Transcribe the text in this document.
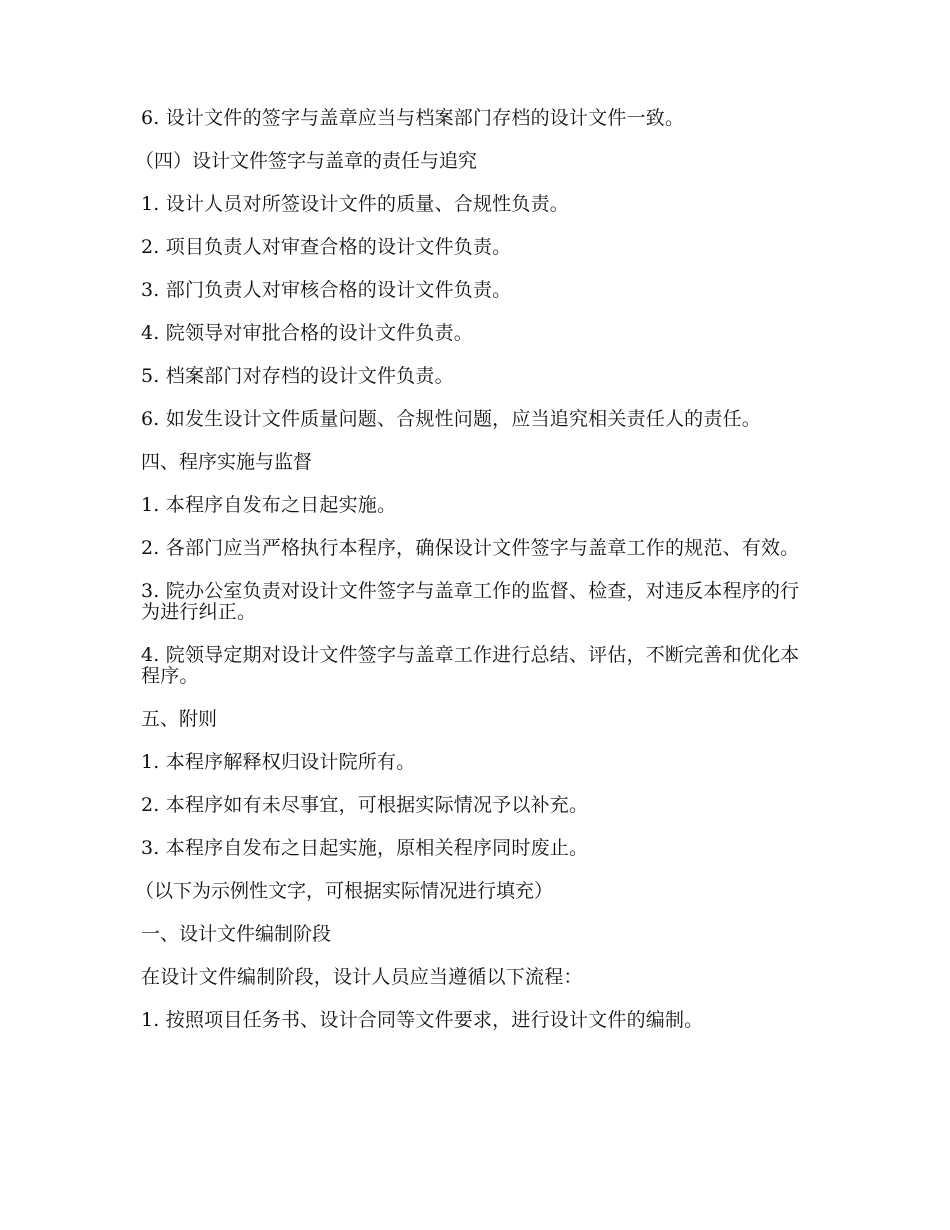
6. 设计文件的签字与盖章应当与档案部门存档的设计文件一致。

（四）设计文件签字与盖章的责任与追究

1. 设计人员对所签设计文件的质量、合规性负责。

2. 项目负责人对审查合格的设计文件负责。

3. 部门负责人对审核合格的设计文件负责。

4. 院领导对审批合格的设计文件负责。

5. 档案部门对存档的设计文件负责。

6. 如发生设计文件质量问题、合规性问题，应当追究相关责任人的责任。

四、程序实施与监督

1. 本程序自发布之日起实施。

2. 各部门应当严格执行本程序，确保设计文件签字与盖章工作的规范、有效。

3. 院办公室负责对设计文件签字与盖章工作的监督、检查，对违反本程序的行为进行纠正。

4. 院领导定期对设计文件签字与盖章工作进行总结、评估，不断完善和优化本程序。

五、附则

1. 本程序解释权归设计院所有。

2. 本程序如有未尽事宜，可根据实际情况予以补充。

3. 本程序自发布之日起实施，原相关程序同时废止。

（以下为示例性文字，可根据实际情况进行填充）

一、设计文件编制阶段

在设计文件编制阶段，设计人员应当遵循以下流程：

1. 按照项目任务书、设计合同等文件要求，进行设计文件的编制。
